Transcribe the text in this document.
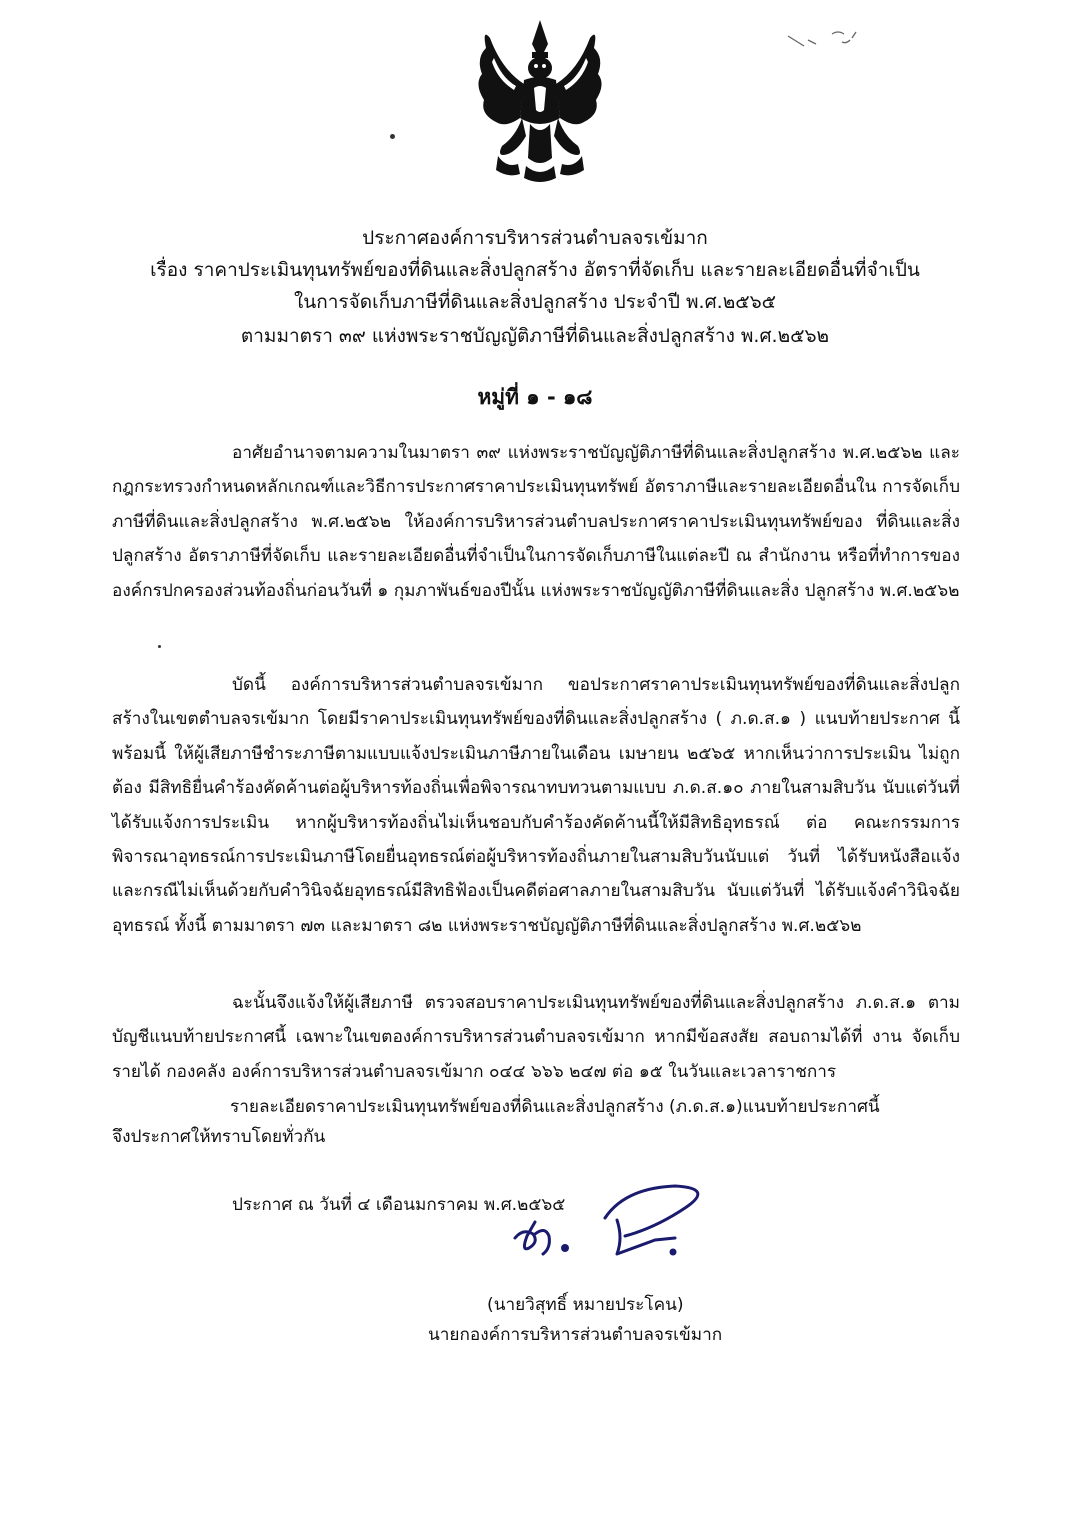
ประกาศองค์การบริหารส่วนตำบลจรเข้มาก
เรื่อง ราคาประเมินทุนทรัพย์ของที่ดินและสิ่งปลูกสร้าง อัตราที่จัดเก็บ และรายละเอียดอื่นที่จำเป็น
ในการจัดเก็บภาษีที่ดินและสิ่งปลูกสร้าง ประจำปี พ.ศ.๒๕๖๕
ตามมาตรา ๓๙ แห่งพระราชบัญญัติภาษีที่ดินและสิ่งปลูกสร้าง พ.ศ.๒๕๖๒
หมู่ที่ ๑ - ๑๘

อาศัยอำนาจตามความในมาตรา ๓๙ แห่งพระราชบัญญัติภาษีที่ดินและสิ่งปลูกสร้าง พ.ศ.๒๕๖๒ และ กฎกระทรวงกำหนดหลักเกณฑ์และวิธีการประกาศราคาประเมินทุนทรัพย์ อัตราภาษีและรายละเอียดอื่นใน การจัดเก็บภาษีที่ดินและสิ่งปลูกสร้าง พ.ศ.๒๕๖๒ ให้องค์การบริหารส่วนตำบลประกาศราคาประเมินทุนทรัพย์ของ ที่ดินและสิ่งปลูกสร้าง อัตราภาษีที่จัดเก็บ และรายละเอียดอื่นที่จำเป็นในการจัดเก็บภาษีในแต่ละปี ณ สำนักงาน หรือที่ทำการขององค์กรปกครองส่วนท้องถิ่นก่อนวันที่ ๑ กุมภาพันธ์ของปีนั้น แห่งพระราชบัญญัติภาษีที่ดินและสิ่ง ปลูกสร้าง พ.ศ.๒๕๖๒

บัดนี้ องค์การบริหารส่วนตำบลจรเข้มาก ขอประกาศราคาประเมินทุนทรัพย์ของที่ดินและสิ่งปลูก สร้างในเขตตำบลจรเข้มาก โดยมีราคาประเมินทุนทรัพย์ของที่ดินและสิ่งปลูกสร้าง ( ภ.ด.ส.๑ ) แนบท้ายประกาศ นี้ พร้อมนี้ ให้ผู้เสียภาษีชำระภาษีตามแบบแจ้งประเมินภาษีภายในเดือน เมษายน ๒๕๖๕ หากเห็นว่าการประเมิน ไม่ถูกต้อง มีสิทธิยื่นคำร้องคัดค้านต่อผู้บริหารท้องถิ่นเพื่อพิจารณาทบทวนตามแบบ ภ.ด.ส.๑๐ ภายในสามสิบวัน นับแต่วันที่ได้รับแจ้งการประเมิน หากผู้บริหารท้องถิ่นไม่เห็นชอบกับคำร้องคัดค้านนี้ให้มีสิทธิอุทธรณ์ ต่อ คณะกรรมการพิจารณาอุทธรณ์การประเมินภาษีโดยยื่นอุทธรณ์ต่อผู้บริหารท้องถิ่นภายในสามสิบวันนับแต่ วันที่ ได้รับหนังสือแจ้ง และกรณีไม่เห็นด้วยกับคำวินิจฉัยอุทธรณ์มีสิทธิฟ้องเป็นคดีต่อศาลภายในสามสิบวัน นับแต่วันที่ ได้รับแจ้งคำวินิจฉัยอุทธรณ์ ทั้งนี้ ตามมาตรา ๗๓ และมาตรา ๘๒ แห่งพระราชบัญญัติภาษีที่ดินและสิ่งปลูกสร้าง พ.ศ.๒๕๖๒

ฉะนั้นจึงแจ้งให้ผู้เสียภาษี ตรวจสอบราคาประเมินทุนทรัพย์ของที่ดินและสิ่งปลูกสร้าง ภ.ด.ส.๑ ตามบัญชีแนบท้ายประกาศนี้ เฉพาะในเขตองค์การบริหารส่วนตำบลจรเข้มาก หากมีข้อสงสัย สอบถามได้ที่ งาน จัดเก็บรายได้ กองคลัง องค์การบริหารส่วนตำบลจรเข้มาก ๐๔๔ ๖๖๖ ๒๔๗ ต่อ ๑๕ ในวันและเวลาราชการ

รายละเอียดราคาประเมินทุนทรัพย์ของที่ดินและสิ่งปลูกสร้าง (ภ.ด.ส.๑)แนบท้ายประกาศนี้
จึงประกาศให้ทราบโดยทั่วกัน
ประกาศ ณ วันที่ ๔ เดือนมกราคม พ.ศ.๒๕๖๕
(นายวิสุทธิ์ หมายประโคน)
นายกองค์การบริหารส่วนตำบลจรเข้มาก
